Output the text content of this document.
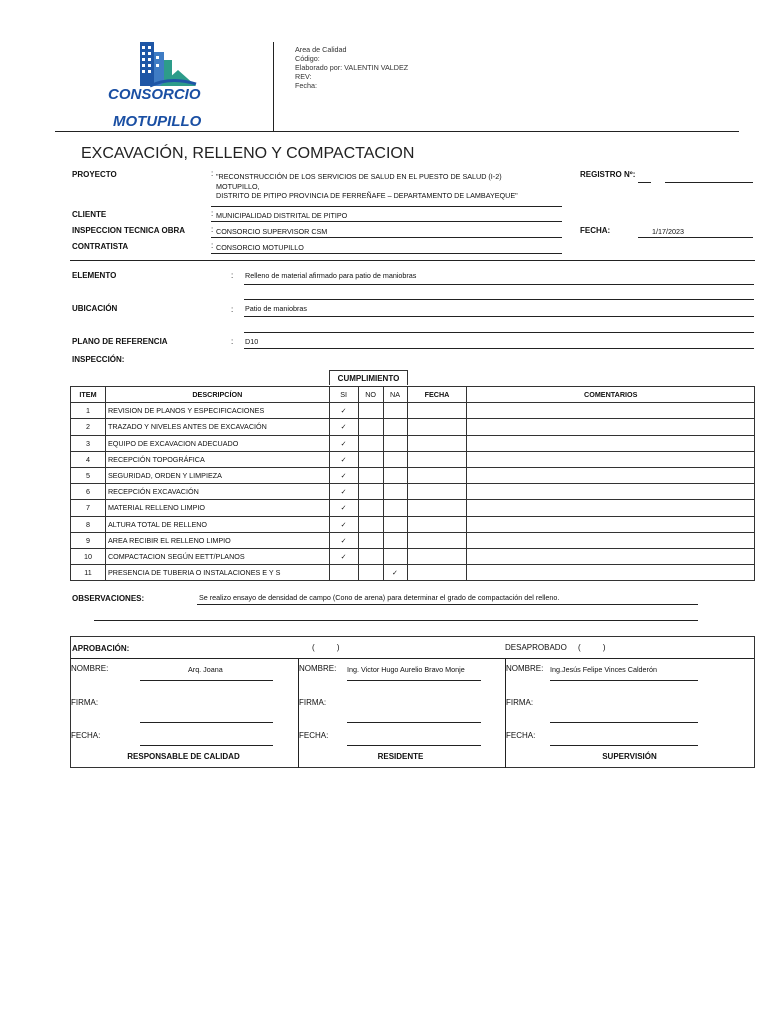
CONSORCIO
MOTUPILLO
Area de Calidad
Código:
Elaborado por: VALENTIN VALDEZ
REV:
Fecha:
EXCAVACIÓN, RELLENO Y COMPACTACION
PROYECTO	: "RECONSTRUCCIÓN DE LOS SERVICIOS DE SALUD EN EL PUESTO DE SALUD (I-2)
MOTUPILLO,
DISTRITO DE PITIPO PROVINCIA DE FERREÑAFE – DEPARTAMENTO DE LAMBAYEQUE"
REGISTRO Nº:
CLIENTE	: MUNICIPALIDAD DISTRITAL DE PITIPO
INSPECCION TECNICA OBRA	: CONSORCIO SUPERVISOR CSM	FECHA:	1/17/2023
CONTRATISTA	: CONSORCIO MOTUPILLO
ELEMENTO	: Relleno de material afirmado para patio de maniobras
UBICACIÓN	: Patio de maniobras
PLANO DE REFERENCIA	: D10
INSPECCIÓN:
CUMPLIMIENTO
ITEM	DESCRIPCÍON	SI	NO	NA	FECHA	COMENTARIOS
1	REVISION DE PLANOS Y ESPECIFICACIONES	✓				
2	TRAZADO Y NIVELES ANTES DE EXCAVACIÓN	✓				
3	EQUIPO DE EXCAVACION ADECUADO	✓				
4	RECEPCIÓN TOPOGRÁFICA	✓				
5	SEGURIDAD, ORDEN Y LIMPIEZA	✓				
6	RECEPCIÓN EXCAVACIÓN	✓				
7	MATERIAL RELLENO LIMPIO	✓				
8	ALTURA TOTAL DE RELLENO	✓				
9	AREA RECIBIR EL RELLENO LIMPIO	✓				
10	COMPACTACION SEGÚN EETT/PLANOS	✓				
11	PRESENCIA DE TUBERIA O INSTALACIONES E Y S			✓		
OBSERVACIONES:	Se realizo ensayo de densidad de campo (Cono de arena) para determinar el grado de compactación del relleno.
APROBACIÓN:	(          )	DESAPROBADO (          )
NOMBRE:	Arq. Joana
FIRMA:
FECHA:
RESPONSABLE DE CALIDAD
NOMBRE: Ing. Victor Hugo Aurelio Bravo Monje
FIRMA:
FECHA:
RESIDENTE
NOMBRE: Ing.Jesús Felipe Vinces Calderón
FIRMA:
FECHA:
SUPERVISIÓN
